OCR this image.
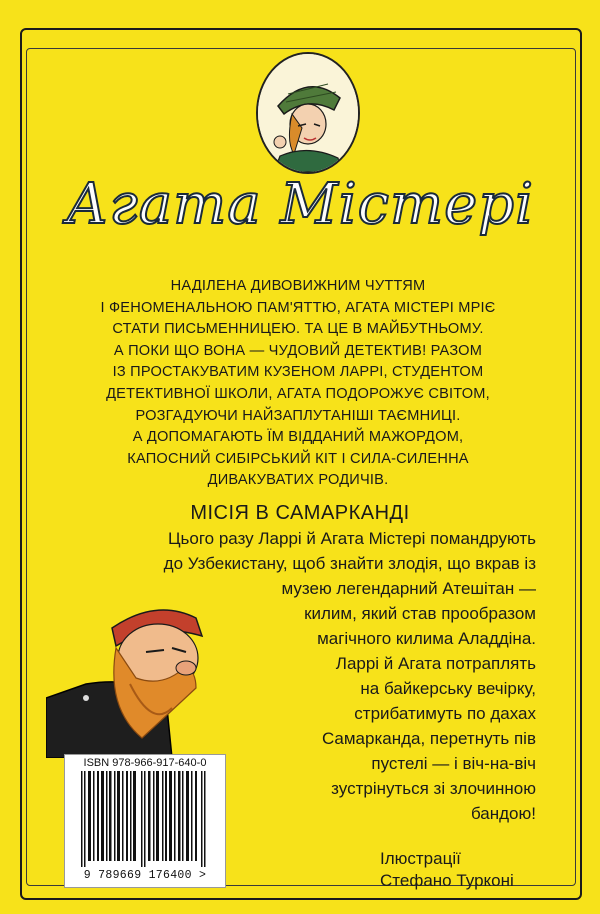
Агата Містері
НАДІЛЕНА ДИВОВИЖНИМ ЧУТТЯМ
І ФЕНОМЕНАЛЬНОЮ ПАМ'ЯТТЮ, АГАТА МІСТЕРІ МРІЄ
СТАТИ ПИСЬМЕННИЦЕЮ. ТА ЦЕ В МАЙБУТНЬОМУ.
А ПОКИ ЩО ВОНА — ЧУДОВИЙ ДЕТЕКТИВ! РАЗОМ
ІЗ ПРОСТАКУВАТИМ КУЗЕНОМ ЛАРРІ, СТУДЕНТОМ
ДЕТЕКТИВНОЇ ШКОЛИ, АГАТА ПОДОРОЖУЄ СВІТОМ,
РОЗГАДУЮЧИ НАЙЗАПЛУТАНІШІ ТАЄМНИЦІ.
А ДОПОМАГАЮТЬ ЇМ ВІДДАНИЙ МАЖОРДОМ,
КАПОСНИЙ СИБІРСЬКИЙ КІТ І СИЛА-СИЛЕННА
ДИВАКУВАТИХ РОДИЧІВ.
МІСІЯ В САМАРКАНДІ
Цього разу Ларрі й Агата Містері помандрують
до Узбекистану, щоб знайти злодія, що вкрав із
музею легендарний Атешітан —
килим, який став прообразом
магічного килима Аладдіна.
Ларрі й Агата потраплять
на байкерську вечірку,
стрибатимуть по дахах
Самарканда, перетнуть пів
пустелі — і віч-на-віч
зустрінуться зі злочинною
бандою!
ISBN 978-966-917-640-0
9 789669 176400 >
Ілюстрації
Стефано Турконі
